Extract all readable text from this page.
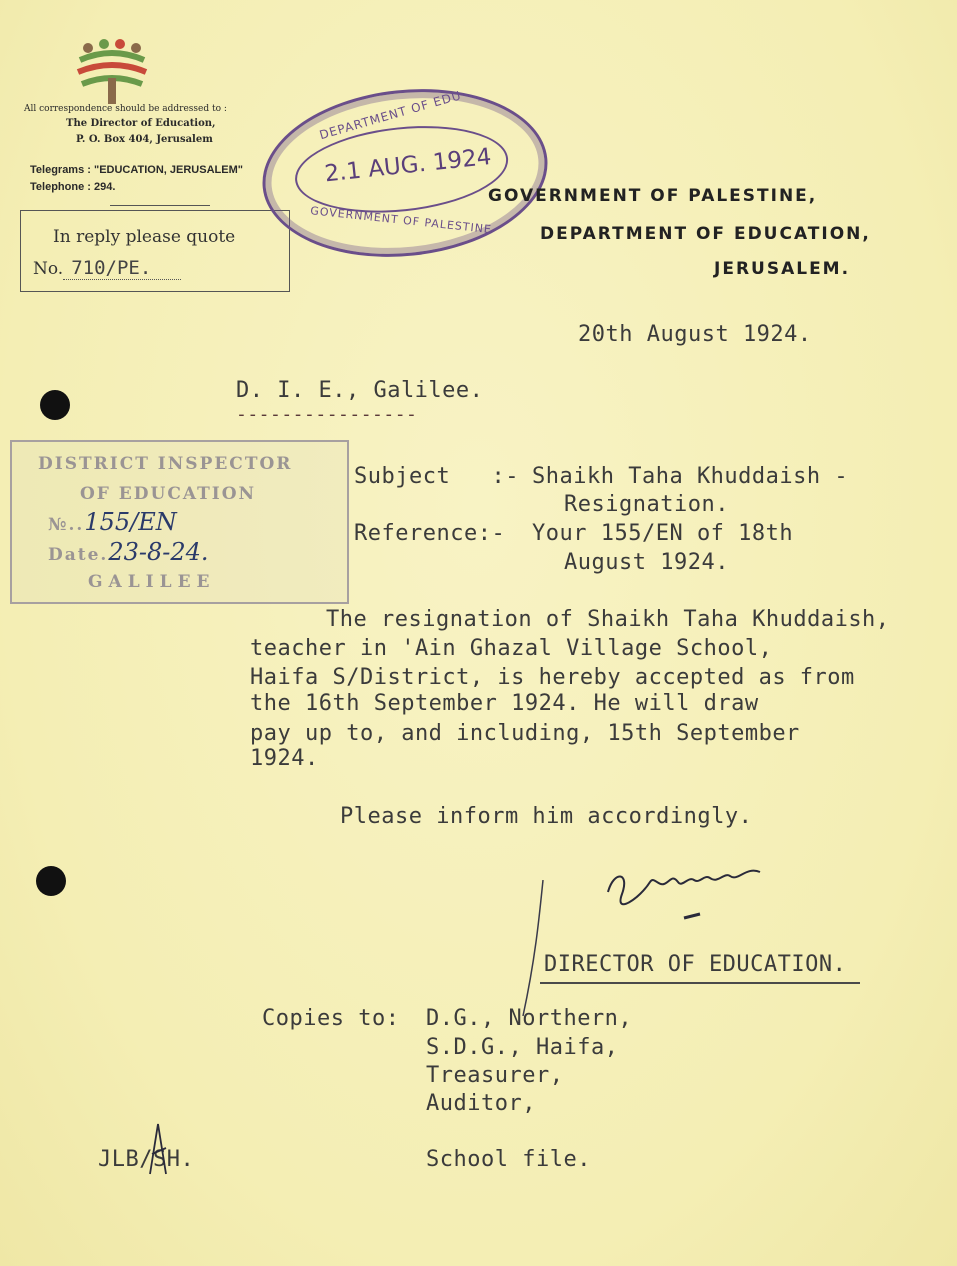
All correspondence should be addressed to :
The Director of Education,
P. O. Box 404, Jerusalem
Telegrams : "EDUCATION, JERUSALEM"
Telephone : 294.
In reply please quote
No. 710/PE.
DEPARTMENT OF EDU
2.1 AUG. 1924
GOVERNMENT OF PALESTINE
GOVERNMENT OF PALESTINE,
DEPARTMENT OF EDUCATION,
JERUSALEM.
20th August 1924.
D. I. E., Galilee.
----------------
DISTRICT INSPECTOR
OF EDUCATION
№..155/EN
Date.23-8-24.
GALILEE
Subject   :- Shaikh Taha Khuddaish -
Resignation.
Reference:- Your 155/EN of 18th
August 1924.
The resignation of Shaikh Taha Khuddaish,
teacher in 'Ain Ghazal Village School,
Haifa S/District, is hereby accepted as from
the 16th September 1924. He will draw
pay up to, and including, 15th September
1924.
Please inform him accordingly.
DIRECTOR OF EDUCATION.
Copies to: D.G., Northern,
S.D.G., Haifa,
Treasurer,
Auditor,
School file.
JLB/SH.
